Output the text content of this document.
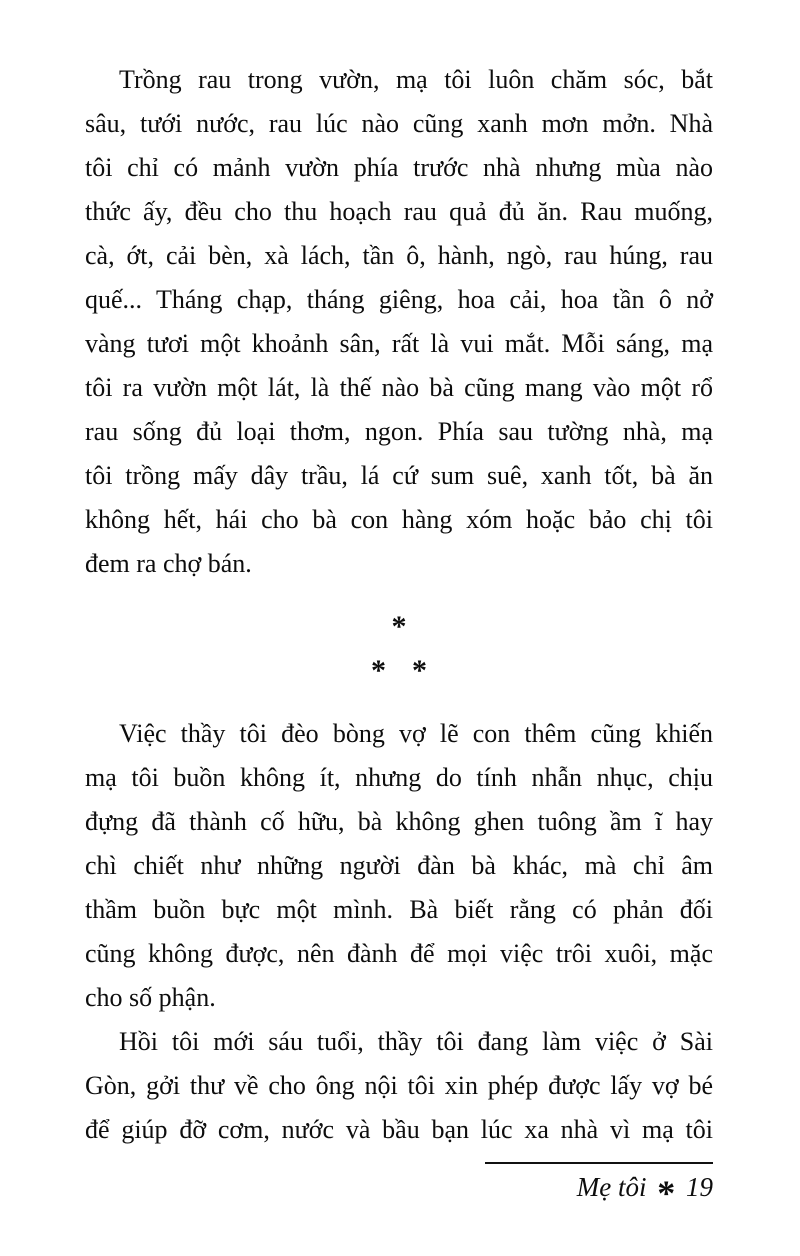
Trồng rau trong vườn, mạ tôi luôn chăm sóc, bắt
sâu, tưới nước, rau lúc nào cũng xanh mơn mởn. Nhà
tôi chỉ có mảnh vườn phía trước nhà nhưng mùa nào
thức ấy, đều cho thu hoạch rau quả đủ ăn. Rau muống,
cà, ớt, cải bèn, xà lách, tần ô, hành, ngò, rau húng, rau
quế... Tháng chạp, tháng giêng, hoa cải, hoa tần ô nở
vàng tươi một khoảnh sân, rất là vui mắt. Mỗi sáng, mạ
tôi ra vườn một lát, là thế nào bà cũng mang vào một rổ
rau sống đủ loại thơm, ngon. Phía sau tường nhà, mạ
tôi trồng mấy dây trầu, lá cứ sum suê, xanh tốt, bà ăn
không hết, hái cho bà con hàng xóm hoặc bảo chị tôi
đem ra chợ bán.
*
* *
Việc thầy tôi đèo bòng vợ lẽ con thêm cũng khiến
mạ tôi buồn không ít, nhưng do tính nhẫn nhục, chịu
đựng đã thành cố hữu, bà không ghen tuông ầm ĩ hay
chì chiết như những người đàn bà khác, mà chỉ âm
thầm buồn bực một mình. Bà biết rằng có phản đối
cũng không được, nên đành để mọi việc trôi xuôi, mặc
cho số phận.
Hồi tôi mới sáu tuổi, thầy tôi đang làm việc ở Sài
Gòn, gởi thư về cho ông nội tôi xin phép được lấy vợ bé
để giúp đỡ cơm, nước và bầu bạn lúc xa nhà vì mạ tôi
Mẹ tôi * 19
